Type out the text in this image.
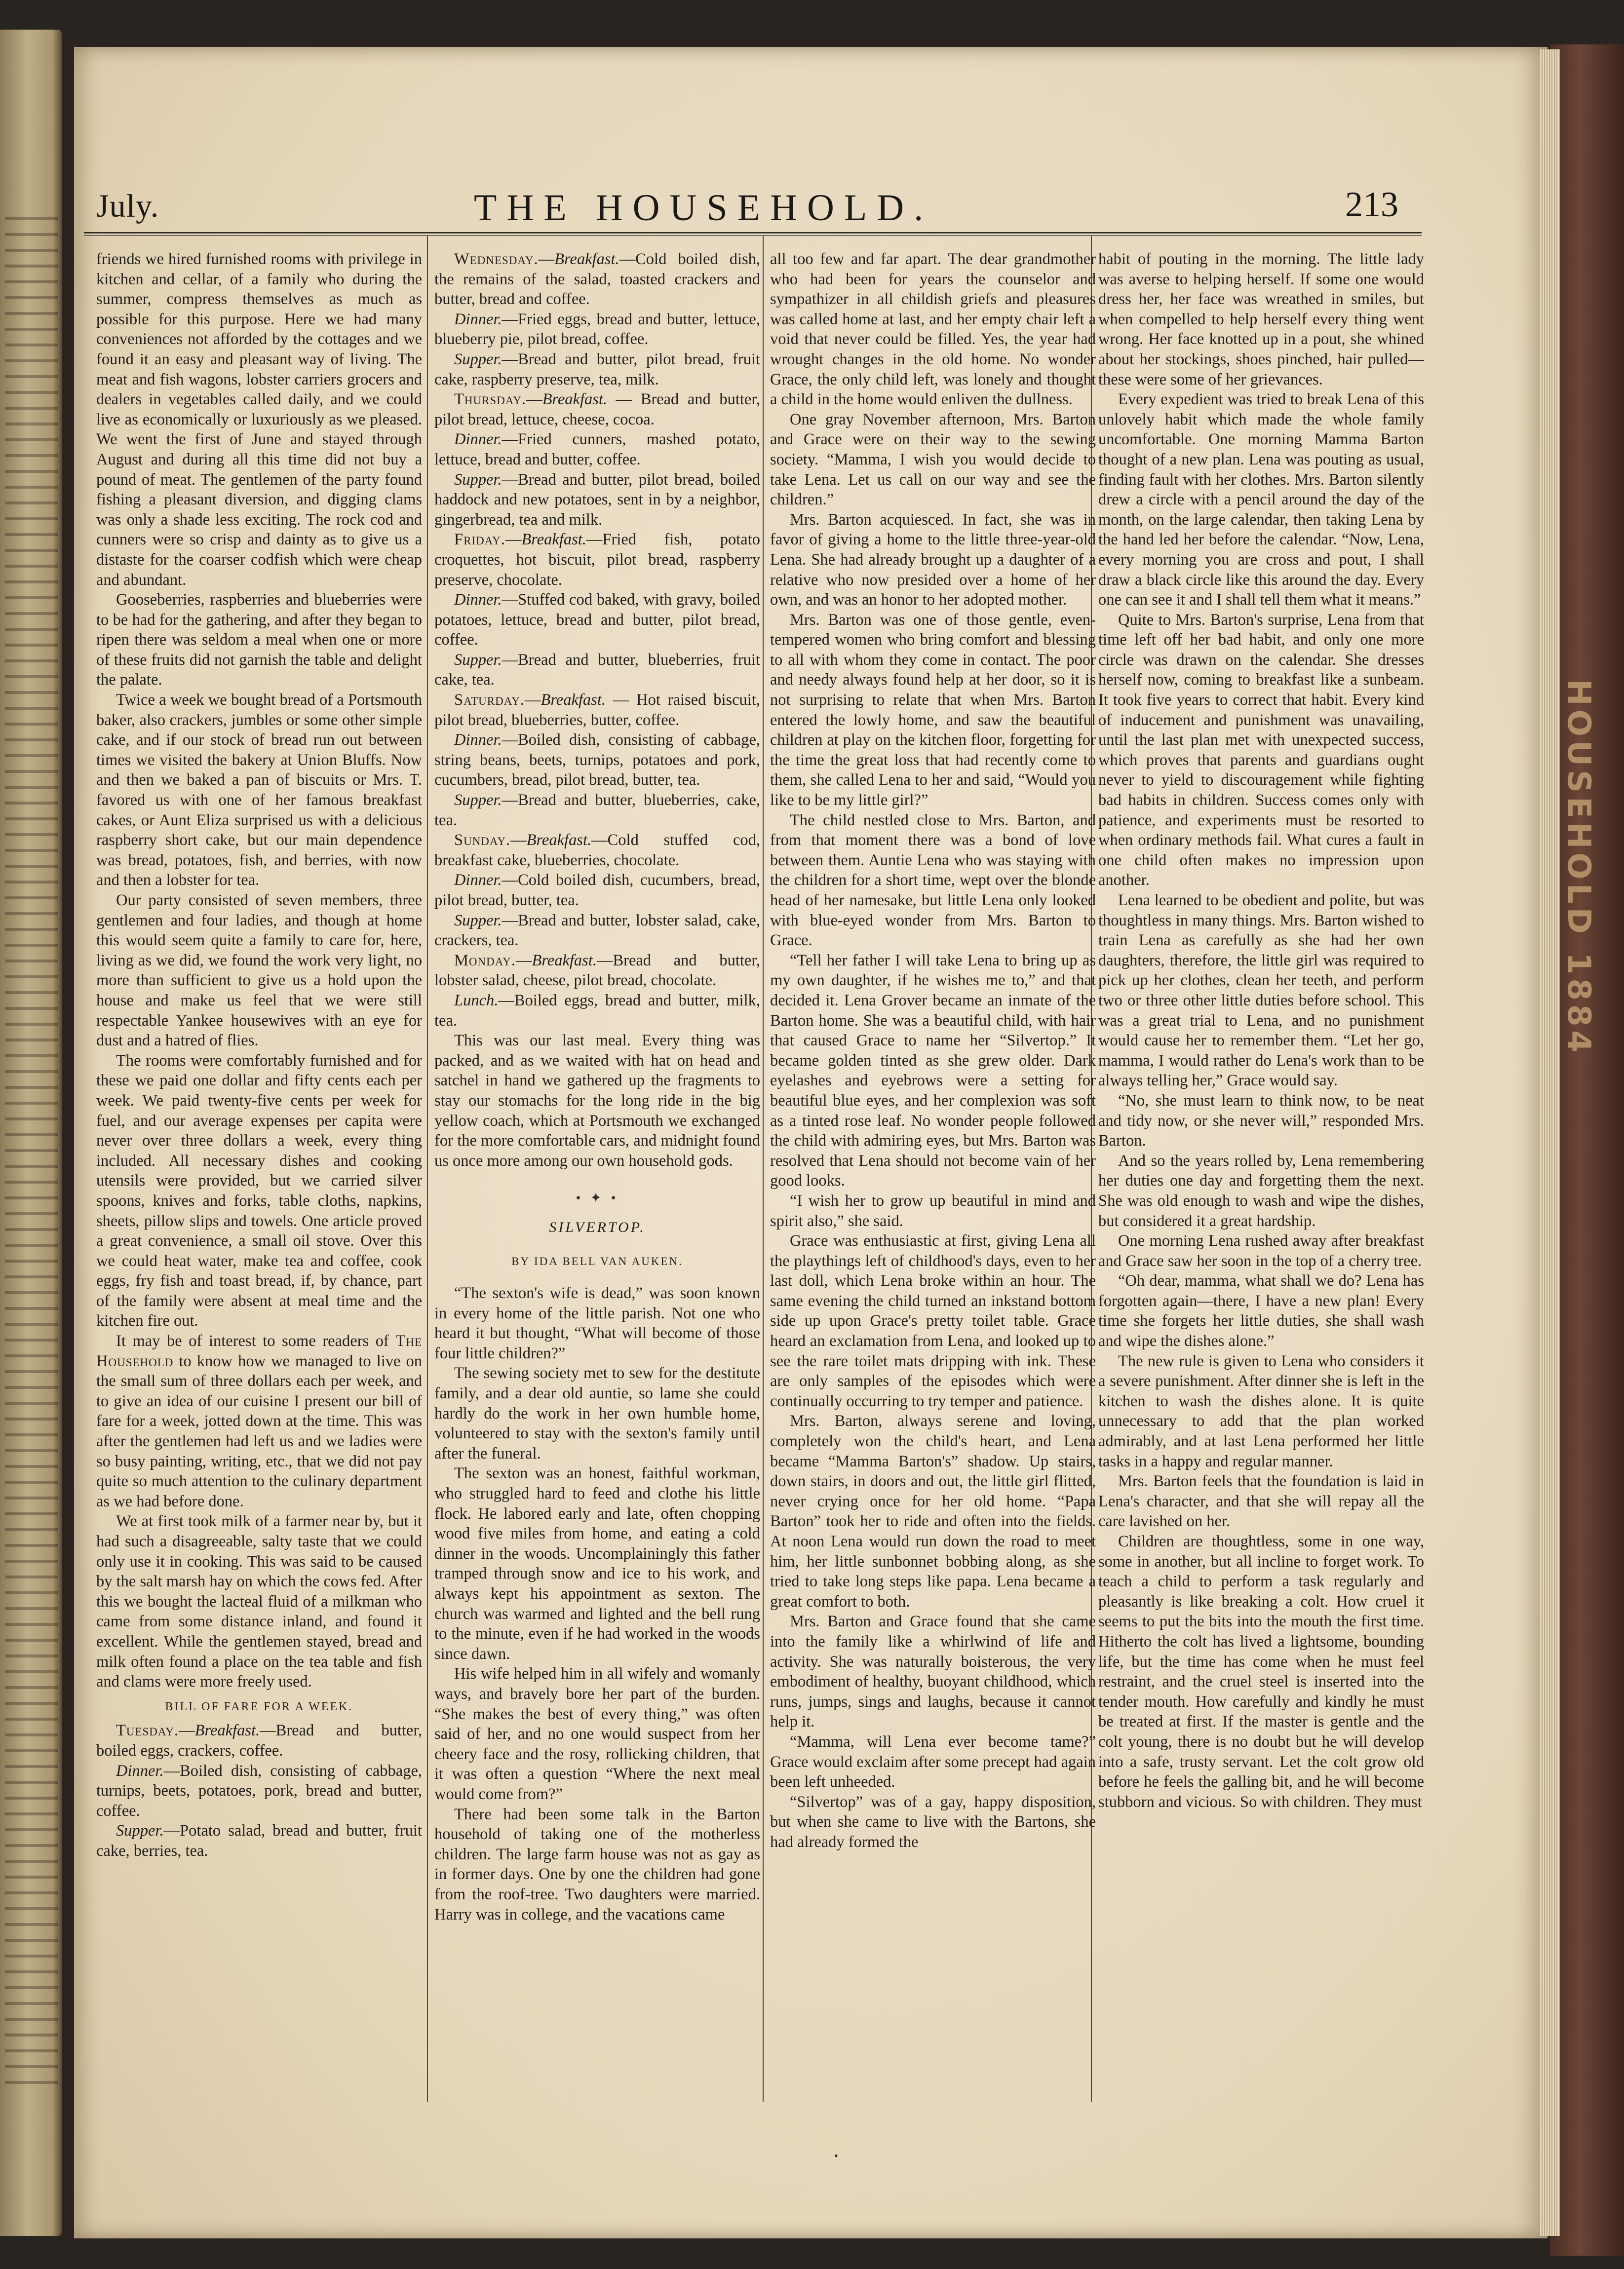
HOUSEHOLD 1884
July.	THE HOUSEHOLD.	213

friends we hired furnished rooms with privilege in kitchen and cellar, of a family who during the summer, compress themselves as much as possible for this purpose. Here we had many conveniences not afforded by the cottages and we found it an easy and pleasant way of living. The meat and fish wagons, lobster carriers grocers and dealers in vegetables called daily, and we could live as economically or luxuriously as we pleased. We went the first of June and stayed through August and during all this time did not buy a pound of meat. The gentlemen of the party found fishing a pleasant diversion, and digging clams was only a shade less exciting. The rock cod and cunners were so crisp and dainty as to give us a distaste for the coarser codfish which were cheap and abundant.

Gooseberries, raspberries and blueberries were to be had for the gathering, and after they began to ripen there was seldom a meal when one or more of these fruits did not garnish the table and delight the palate.

Twice a week we bought bread of a Portsmouth baker, also crackers, jumbles or some other simple cake, and if our stock of bread run out between times we visited the bakery at Union Bluffs. Now and then we baked a pan of biscuits or Mrs. T. favored us with one of her famous breakfast cakes, or Aunt Eliza surprised us with a delicious raspberry short cake, but our main dependence was bread, potatoes, fish, and berries, with now and then a lobster for tea.

Our party consisted of seven members, three gentlemen and four ladies, and though at home this would seem quite a family to care for, here, living as we did, we found the work very light, no more than sufficient to give us a hold upon the house and make us feel that we were still respectable Yankee housewives with an eye for dust and a hatred of flies.

The rooms were comfortably furnished and for these we paid one dollar and fifty cents each per week. We paid twenty-five cents per week for fuel, and our average expenses per capita were never over three dollars a week, every thing included. All necessary dishes and cooking utensils were provided, but we carried silver spoons, knives and forks, table cloths, napkins, sheets, pillow slips and towels. One article proved a great convenience, a small oil stove. Over this we could heat water, make tea and coffee, cook eggs, fry fish and toast bread, if, by chance, part of the family were absent at meal time and the kitchen fire out.

It may be of interest to some readers of The Household to know how we managed to live on the small sum of three dollars each per week, and to give an idea of our cuisine I present our bill of fare for a week, jotted down at the time. This was after the gentlemen had left us and we ladies were so busy painting, writing, etc., that we did not pay quite so much attention to the culinary department as we had before done.

We at first took milk of a farmer near by, but it had such a disagreeable, salty taste that we could only use it in cooking. This was said to be caused by the salt marsh hay on which the cows fed. After this we bought the lacteal fluid of a milkman who came from some distance inland, and found it excellent. While the gentlemen stayed, bread and milk often found a place on the tea table and fish and clams were more freely used.

BILL OF FARE FOR A WEEK.

Tuesday.—Breakfast.—Bread and butter, boiled eggs, crackers, coffee.

Dinner.—Boiled dish, consisting of cabbage, turnips, beets, potatoes, pork, bread and butter, coffee.

Supper.—Potato salad, bread and butter, fruit cake, berries, tea.

Wednesday.—Breakfast.—Cold boiled dish, the remains of the salad, toasted crackers and butter, bread and coffee.

Dinner.—Fried eggs, bread and butter, lettuce, blueberry pie, pilot bread, coffee.

Supper.—Bread and butter, pilot bread, fruit cake, raspberry preserve, tea, milk.

Thursday.—Breakfast. — Bread and butter, pilot bread, lettuce, cheese, cocoa.

Dinner.—Fried cunners, mashed potato, lettuce, bread and butter, coffee.

Supper.—Bread and butter, pilot bread, boiled haddock and new potatoes, sent in by a neighbor, gingerbread, tea and milk.

Friday.—Breakfast.—Fried fish, potato croquettes, hot biscuit, pilot bread, raspberry preserve, chocolate.

Dinner.—Stuffed cod baked, with gravy, boiled potatoes, lettuce, bread and butter, pilot bread, coffee.

Supper.—Bread and butter, blueberries, fruit cake, tea.

Saturday.—Breakfast. — Hot raised biscuit, pilot bread, blueberries, butter, coffee.

Dinner.—Boiled dish, consisting of cabbage, string beans, beets, turnips, potatoes and pork, cucumbers, bread, pilot bread, butter, tea.

Supper.—Bread and butter, blueberries, cake, tea.

Sunday.—Breakfast.—Cold stuffed cod, breakfast cake, blueberries, chocolate.

Dinner.—Cold boiled dish, cucumbers, bread, pilot bread, butter, tea.

Supper.—Bread and butter, lobster salad, cake, crackers, tea.

Monday.—Breakfast.—Bread and butter, lobster salad, cheese, pilot bread, chocolate.

Lunch.—Boiled eggs, bread and butter, milk, tea.

This was our last meal. Every thing was packed, and as we waited with hat on head and satchel in hand we gathered up the fragments to stay our stomachs for the long ride in the big yellow coach, which at Portsmouth we exchanged for the more comfortable cars, and midnight found us once more among our own household gods.

• ✦ •
SILVERTOP.
BY IDA BELL VAN AUKEN.

“The sexton's wife is dead,” was soon known in every home of the little parish. Not one who heard it but thought, “What will become of those four little children?”

The sewing society met to sew for the destitute family, and a dear old auntie, so lame she could hardly do the work in her own humble home, volunteered to stay with the sexton's family until after the funeral.

The sexton was an honest, faithful workman, who struggled hard to feed and clothe his little flock. He labored early and late, often chopping wood five miles from home, and eating a cold dinner in the woods. Uncomplainingly this father tramped through snow and ice to his work, and always kept his appointment as sexton. The church was warmed and lighted and the bell rung to the minute, even if he had worked in the woods since dawn.

His wife helped him in all wifely and womanly ways, and bravely bore her part of the burden. “She makes the best of every thing,” was often said of her, and no one would suspect from her cheery face and the rosy, rollicking children, that it was often a question “Where the next meal would come from?”

There had been some talk in the Barton household of taking one of the motherless children. The large farm house was not as gay as in former days. One by one the children had gone from the roof-tree. Two daughters were married. Harry was in college, and the vacations came

all too few and far apart. The dear grandmother who had been for years the counselor and sympathizer in all childish griefs and pleasures was called home at last, and her empty chair left a void that never could be filled. Yes, the year had wrought changes in the old home. No wonder Grace, the only child left, was lonely and thought a child in the home would enliven the dullness.

One gray November afternoon, Mrs. Barton and Grace were on their way to the sewing society. “Mamma, I wish you would decide to take Lena. Let us call on our way and see the children.”

Mrs. Barton acquiesced. In fact, she was in favor of giving a home to the little three-year-old Lena. She had already brought up a daughter of a relative who now presided over a home of her own, and was an honor to her adopted mother.

Mrs. Barton was one of those gentle, even-tempered women who bring comfort and blessing to all with whom they come in contact. The poor and needy always found help at her door, so it is not surprising to relate that when Mrs. Barton entered the lowly home, and saw the beautiful children at play on the kitchen floor, forgetting for the time the great loss that had recently come to them, she called Lena to her and said, “Would you like to be my little girl?”

The child nestled close to Mrs. Barton, and from that moment there was a bond of love between them. Auntie Lena who was staying with the children for a short time, wept over the blonde head of her namesake, but little Lena only looked with blue-eyed wonder from Mrs. Barton to Grace.

“Tell her father I will take Lena to bring up as my own daughter, if he wishes me to,” and that decided it. Lena Grover became an inmate of the Barton home. She was a beautiful child, with hair that caused Grace to name her “Silvertop.” It became golden tinted as she grew older. Dark eyelashes and eyebrows were a setting for beautiful blue eyes, and her complexion was soft as a tinted rose leaf. No wonder people followed the child with admiring eyes, but Mrs. Barton was resolved that Lena should not become vain of her good looks.

“I wish her to grow up beautiful in mind and spirit also,” she said.

Grace was enthusiastic at first, giving Lena all the playthings left of childhood's days, even to her last doll, which Lena broke within an hour. The same evening the child turned an inkstand bottom side up upon Grace's pretty toilet table. Grace heard an exclamation from Lena, and looked up to see the rare toilet mats dripping with ink. These are only samples of the episodes which were continually occurring to try temper and patience.

Mrs. Barton, always serene and loving, completely won the child's heart, and Lena became “Mamma Barton's” shadow. Up stairs, down stairs, in doors and out, the little girl flitted, never crying once for her old home. “Papa Barton” took her to ride and often into the fields. At noon Lena would run down the road to meet him, her little sunbonnet bobbing along, as she tried to take long steps like papa. Lena became a great comfort to both.

Mrs. Barton and Grace found that she came into the family like a whirlwind of life and activity. She was naturally boisterous, the very embodiment of healthy, buoyant childhood, which runs, jumps, sings and laughs, because it cannot help it.

“Mamma, will Lena ever become tame?” Grace would exclaim after some precept had again been left unheeded.

“Silvertop” was of a gay, happy disposition, but when she came to live with the Bartons, she had already formed the

habit of pouting in the morning. The little lady was averse to helping herself. If some one would dress her, her face was wreathed in smiles, but when compelled to help herself every thing went wrong. Her face knotted up in a pout, she whined about her stockings, shoes pinched, hair pulled—these were some of her grievances.

Every expedient was tried to break Lena of this unlovely habit which made the whole family uncomfortable. One morning Mamma Barton thought of a new plan. Lena was pouting as usual, finding fault with her clothes. Mrs. Barton silently drew a circle with a pencil around the day of the month, on the large calendar, then taking Lena by the hand led her before the calendar. “Now, Lena, every morning you are cross and pout, I shall draw a black circle like this around the day. Every one can see it and I shall tell them what it means.”

Quite to Mrs. Barton's surprise, Lena from that time left off her bad habit, and only one more circle was drawn on the calendar. She dresses herself now, coming to breakfast like a sunbeam. It took five years to correct that habit. Every kind of inducement and punishment was unavailing, until the last plan met with unexpected success, which proves that parents and guardians ought never to yield to discouragement while fighting bad habits in children. Success comes only with patience, and experiments must be resorted to when ordinary methods fail. What cures a fault in one child often makes no impression upon another.

Lena learned to be obedient and polite, but was thoughtless in many things. Mrs. Barton wished to train Lena as carefully as she had her own daughters, therefore, the little girl was required to pick up her clothes, clean her teeth, and perform two or three other little duties before school. This was a great trial to Lena, and no punishment would cause her to remember them. “Let her go, mamma, I would rather do Lena's work than to be always telling her,” Grace would say.

“No, she must learn to think now, to be neat and tidy now, or she never will,” responded Mrs. Barton.

And so the years rolled by, Lena remembering her duties one day and forgetting them the next. She was old enough to wash and wipe the dishes, but considered it a great hardship.

One morning Lena rushed away after breakfast and Grace saw her soon in the top of a cherry tree.

“Oh dear, mamma, what shall we do? Lena has forgotten again—there, I have a new plan! Every time she forgets her little duties, she shall wash and wipe the dishes alone.”

The new rule is given to Lena who considers it a severe punishment. After dinner she is left in the kitchen to wash the dishes alone. It is quite unnecessary to add that the plan worked admirably, and at last Lena performed her little tasks in a happy and regular manner.

Mrs. Barton feels that the foundation is laid in Lena's character, and that she will repay all the care lavished on her.

Children are thoughtless, some in one way, some in another, but all incline to forget work. To teach a child to perform a task regularly and pleasantly is like breaking a colt. How cruel it seems to put the bits into the mouth the first time. Hitherto the colt has lived a lightsome, bounding life, but the time has come when he must feel restraint, and the cruel steel is inserted into the tender mouth. How carefully and kindly he must be treated at first. If the master is gentle and the colt young, there is no doubt but he will develop into a safe, trusty servant. Let the colt grow old before he feels the galling bit, and he will become stubborn and vicious. So with children. They must

•
